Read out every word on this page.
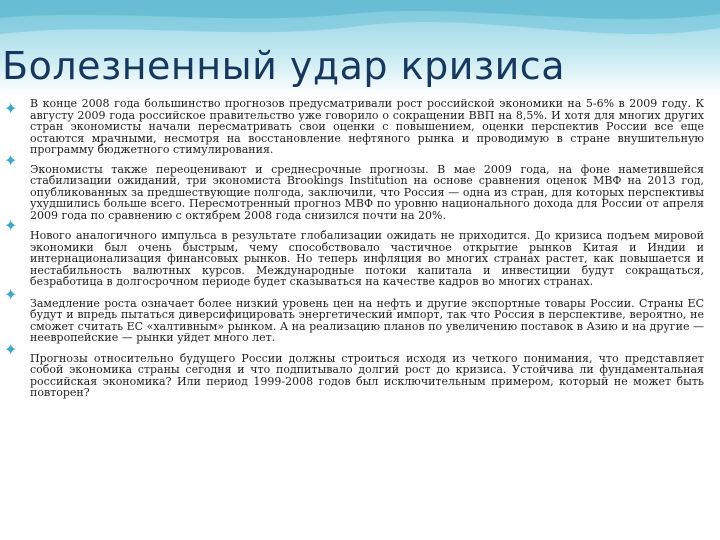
Болезненный удар кризиса
✦ В конце 2008 года большинство прогнозов предусматривали рост российской экономики на 5-6% в 2009 году. К августу 2009 года российское правительство уже говорило о сокращении ВВП на 8,5%. И хотя для многих других стран экономисты начали пересматривать свои оценки с повышением, оценки перспектив России все еще остаются мрачными, несмотря на восстановление нефтяного рынка и проводимую в стране внушительную программу бюджетного стимулирования.

✦ Экономисты также переоценивают и среднесрочные прогнозы. В мае 2009 года, на фоне наметившейся стабилизации ожиданий, три экономиста Brookings Institution на основе сравнения оценок МВФ на 2013 год, опубликованных за предшествующие полгода, заключили, что Россия — одна из стран, для которых перспективы ухудшились больше всего. Пересмотренный прогноз МВФ по уровню национального дохода для России от апреля 2009 года по сравнению с октябрем 2008 года снизился почти на 20%.

✦

Нового аналогичного импульса в результате глобализации ожидать не приходится. До кризиса подъем мировой экономики был очень быстрым, чему способствовало частичное открытие рынков Китая и Индии и интернационализация финансовых рынков. Но теперь инфляция во многих странах растет, как повышается и нестабильность валютных курсов. Международные потоки капитала и инвестиции будут сокращаться, безработица в долгосрочном периоде будет сказываться на качестве кадров во многих странах.

✦ Замедление роста означает более низкий уровень цен на нефть и другие экспортные товары России. Страны ЕС будут и впредь пытаться диверсифицировать энергетический импорт, так что Россия в перспективе, вероятно, не сможет считать ЕС «халтивным» рынком. А на реализацию планов по увеличению поставок в Азию и на другие — неевропейские — рынки уйдет много лет.

✦ Прогнозы относительно будущего России должны строиться исходя из четкого понимания, что представляет собой экономика страны сегодня и что подпитывало долгий рост до кризиса. Устойчива ли фундаментальная российская экономика? Или период 1999-2008 годов был исключительным примером, который не может быть повторен?
